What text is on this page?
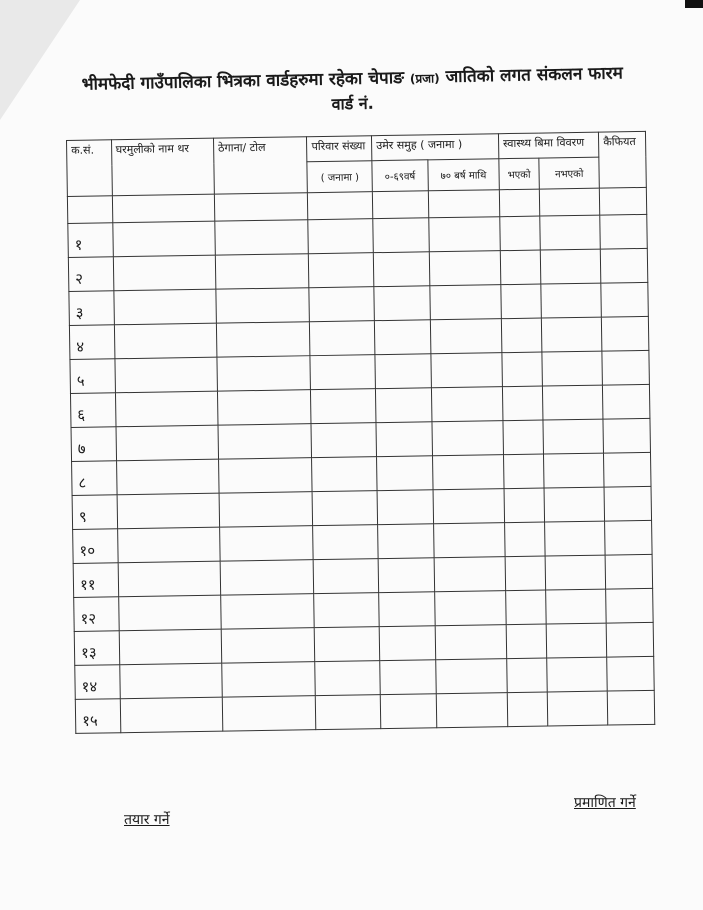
भीमफेदी गाउँपालिका भित्रका वार्डहरुमा रहेका चेपाङ (प्रजा) जातिको लगत संकलन फारम

वार्ड नं.

क.सं.	घरमुलीको नाम थर	ठेगाना/ टोल	परिवार संख्या	उमेर समुह ( जनामा )		स्वास्थ्य बिमा विवरण		कैफियत
			( जनामा )	०-६९वर्ष	७० बर्ष माथि	भएको	नभएको	

१								
२								
३								
४								
५								
६								
७								
८								
९								
१०								
११								
१२								
१३								
१४								
१५								
तयार गर्ने
प्रमाणित गर्ने
